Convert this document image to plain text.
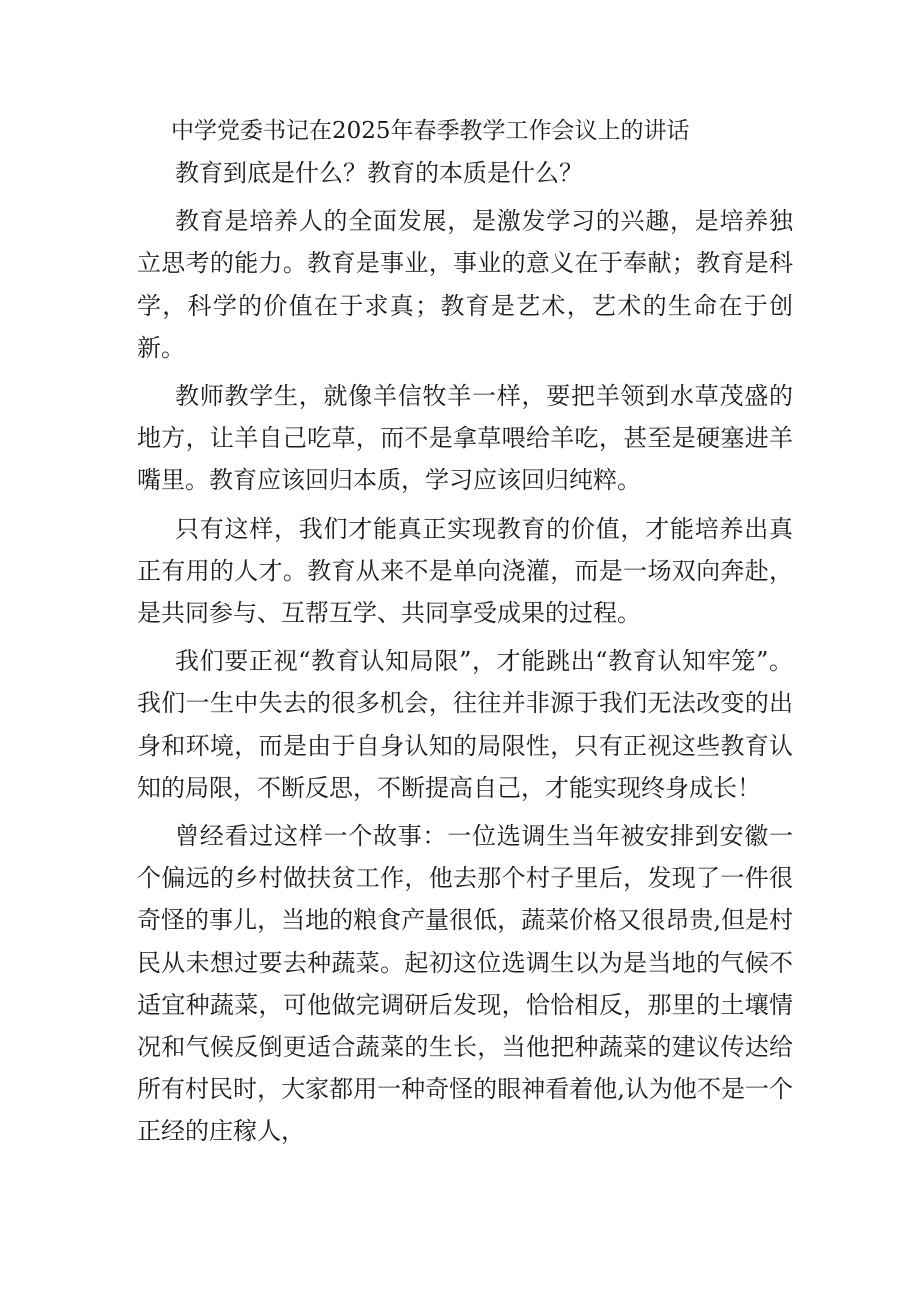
中学党委书记在2025年春季教学工作会议上的讲话

教育到底是什么？教育的本质是什么？

教育是培养人的全面发展，是激发学习的兴趣，是培养独立思考的能力。教育是事业，事业的意义在于奉献；教育是科学，科学的价值在于求真；教育是艺术，艺术的生命在于创新。

教师教学生，就像羊信牧羊一样，要把羊领到水草茂盛的地方，让羊自己吃草，而不是拿草喂给羊吃，甚至是硬塞进羊嘴里。教育应该回归本质，学习应该回归纯粹。

只有这样，我们才能真正实现教育的价值，才能培养出真正有用的人才。教育从来不是单向浇灌，而是一场双向奔赴，是共同参与、互帮互学、共同享受成果的过程。

我们要正视“教育认知局限”，才能跳出“教育认知牢笼”。我们一生中失去的很多机会，往往并非源于我们无法改变的出身和环境，而是由于自身认知的局限性，只有正视这些教育认知的局限，不断反思，不断提高自己，才能实现终身成长！

曾经看过这样一个故事：一位选调生当年被安排到安徽一个偏远的乡村做扶贫工作，他去那个村子里后，发现了一件很奇怪的事儿，当地的粮食产量很低，蔬菜价格又很昂贵,但是村民从未想过要去种蔬菜。起初这位选调生以为是当地的气候不适宜种蔬菜，可他做完调研后发现，恰恰相反，那里的土壤情况和气候反倒更适合蔬菜的生长，当他把种蔬菜的建议传达给所有村民时，大家都用一种奇怪的眼神看着他,认为他不是一个正经的庄稼人，
